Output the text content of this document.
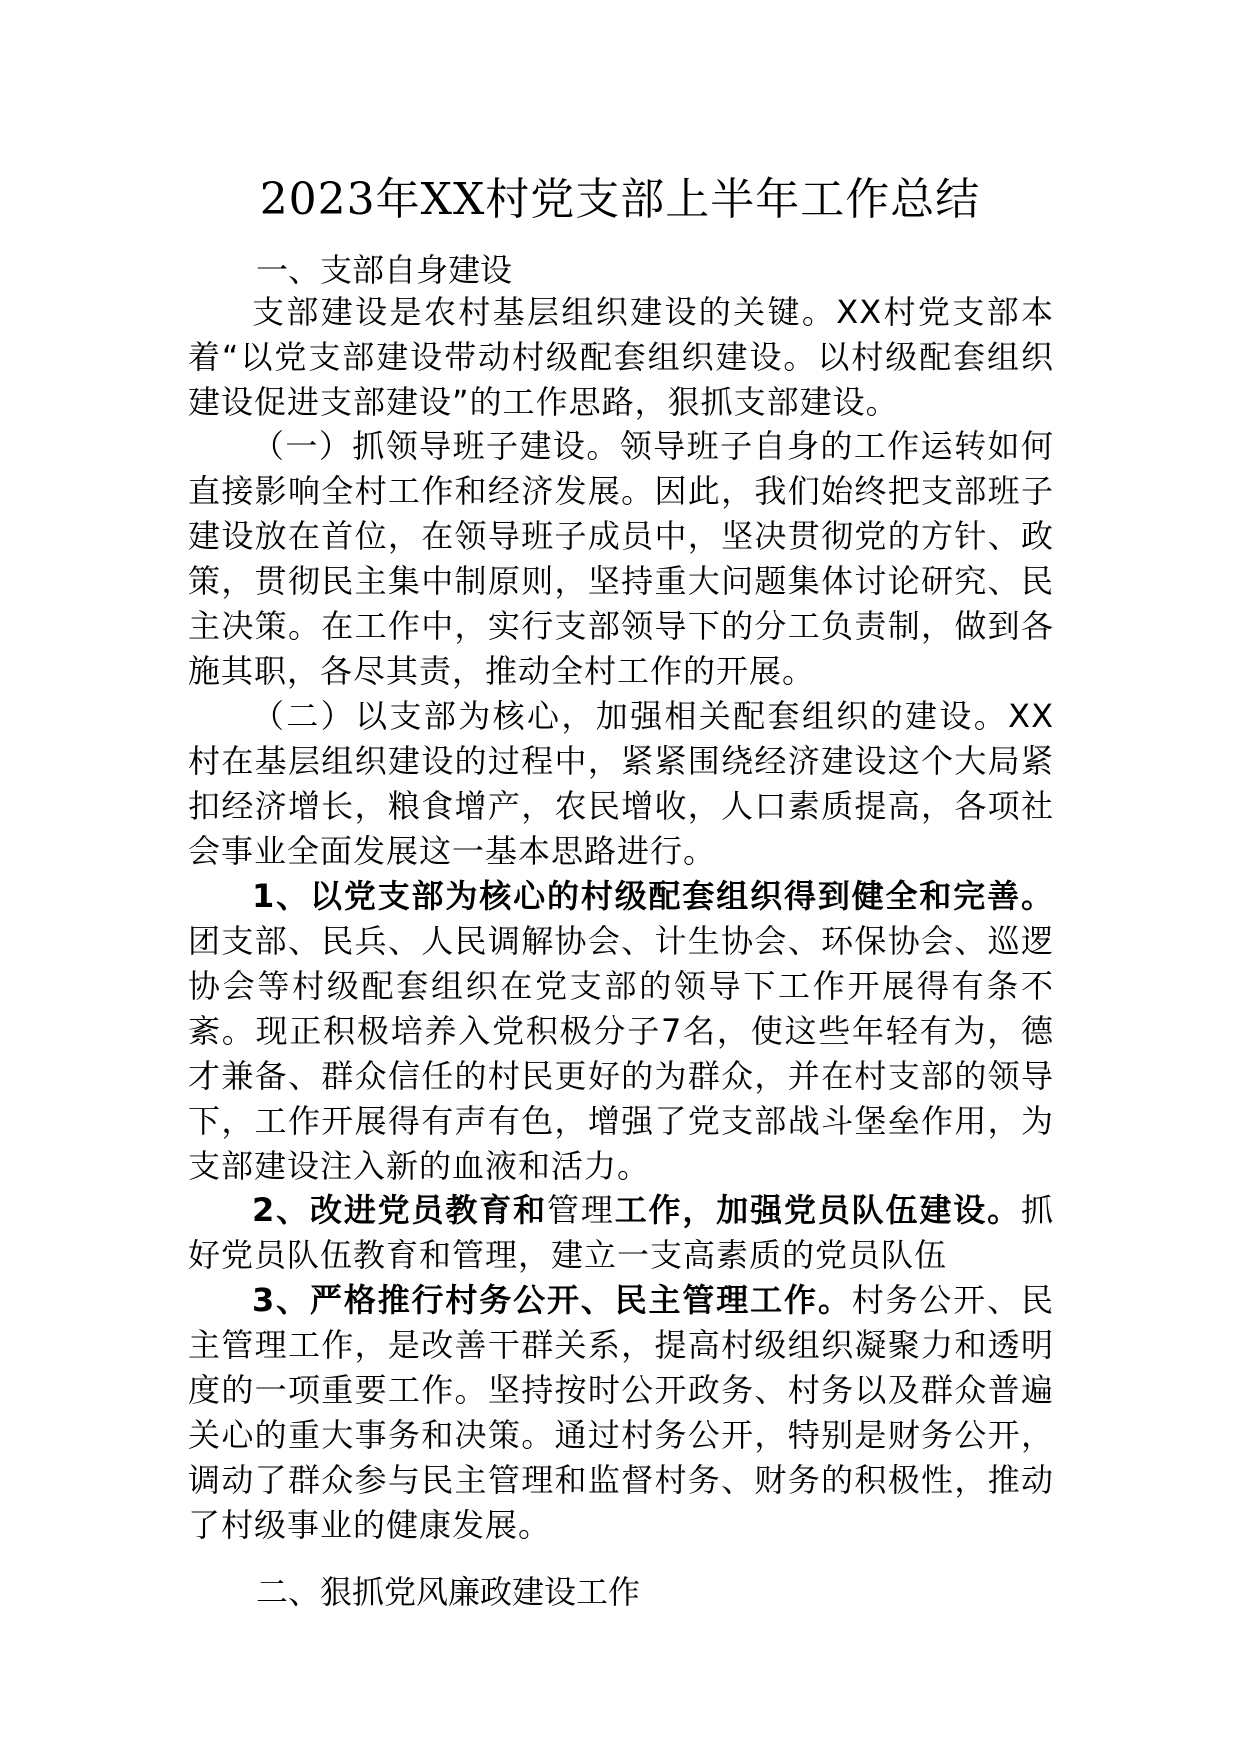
2023年XX村党支部上半年工作总结
一、支部自身建设

支部建设是农村基层组织建设的关键。XX村党支部本着“以党支部建设带动村级配套组织建设。以村级配套组织建设促进支部建设”的工作思路，狠抓支部建设。

（一）抓领导班子建设。领导班子自身的工作运转如何直接影响全村工作和经济发展。因此，我们始终把支部班子建设放在首位，在领导班子成员中，坚决贯彻党的方针、政策，贯彻民主集中制原则，坚持重大问题集体讨论研究、民主决策。在工作中，实行支部领导下的分工负责制，做到各施其职，各尽其责，推动全村工作的开展。

（二）以支部为核心，加强相关配套组织的建设。XX村在基层组织建设的过程中，紧紧围绕经济建设这个大局紧扣经济增长，粮食增产，农民增收，人口素质提高，各项社会事业全面发展这一基本思路进行。

1、以党支部为核心的村级配套组织得到健全和完善。团支部、民兵、人民调解协会、计生协会、环保协会、巡逻协会等村级配套组织在党支部的领导下工作开展得有条不紊。现正积极培养入党积极分子7名，使这些年轻有为，德才兼备、群众信任的村民更好的为群众，并在村支部的领导下，工作开展得有声有色，增强了党支部战斗堡垒作用，为支部建设注入新的血液和活力。

2、改进党员教育和管理工作，加强党员队伍建设。抓好党员队伍教育和管理，建立一支高素质的党员队伍

3、严格推行村务公开、民主管理工作。村务公开、民主管理工作，是改善干群关系，提高村级组织凝聚力和透明度的一项重要工作。坚持按时公开政务、村务以及群众普遍关心的重大事务和决策。通过村务公开，特别是财务公开，调动了群众参与民主管理和监督村务、财务的积极性，推动了村级事业的健康发展。

二、狠抓党风廉政建设工作
